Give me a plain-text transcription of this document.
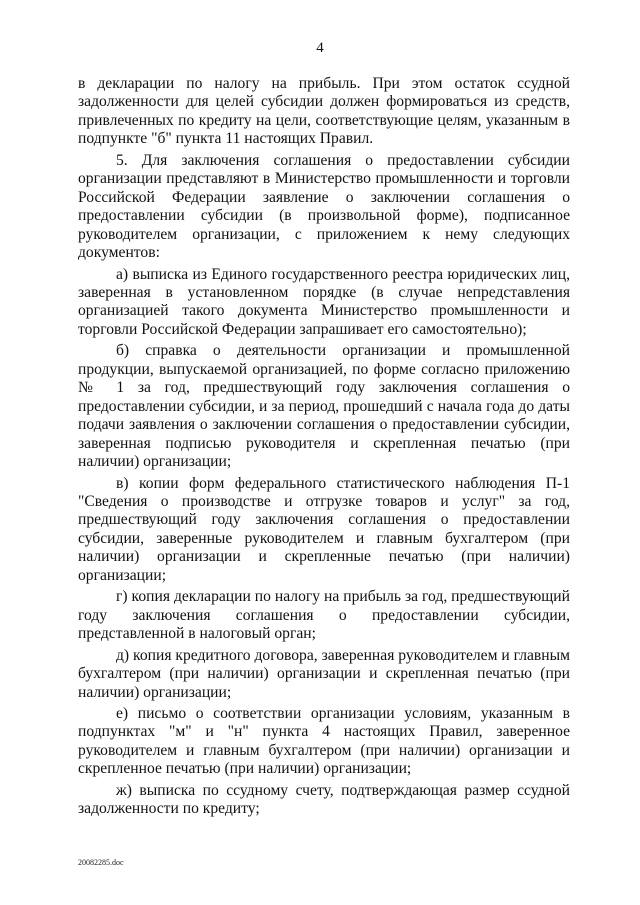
4

в декларации по налогу на прибыль. При этом остаток ссудной задолженности для целей субсидии должен формироваться из средств, привлеченных по кредиту на цели, соответствующие целям, указанным в подпункте "б" пункта 11 настоящих Правил.

5. Для заключения соглашения о предоставлении субсидии организации представляют в Министерство промышленности и торговли Российской Федерации заявление о заключении соглашения о предоставлении субсидии (в произвольной форме), подписанное руководителем организации, с приложением к нему следующих документов:

а) выписка из Единого государственного реестра юридических лиц, заверенная в установленном порядке (в случае непредставления организацией такого документа Министерство промышленности и торговли Российской Федерации запрашивает его самостоятельно);

б) справка о деятельности организации и промышленной продукции, выпускаемой организацией, по форме согласно приложению № 1 за год, предшествующий году заключения соглашения о предоставлении субсидии, и за период, прошедший с начала года до даты подачи заявления о заключении соглашения о предоставлении субсидии, заверенная подписью руководителя и скрепленная печатью (при наличии) организации;

в) копии форм федерального статистического наблюдения П-1 "Сведения о производстве и отгрузке товаров и услуг" за год, предшествующий году заключения соглашения о предоставлении субсидии, заверенные руководителем и главным бухгалтером (при наличии) организации и скрепленные печатью (при наличии) организации;

г) копия декларации по налогу на прибыль за год, предшествующий году заключения соглашения о предоставлении субсидии, представленной в налоговый орган;

д) копия кредитного договора, заверенная руководителем и главным бухгалтером (при наличии) организации и скрепленная печатью (при наличии) организации;

е) письмо о соответствии организации условиям, указанным в подпунктах "м" и "н" пункта 4 настоящих Правил, заверенное руководителем и главным бухгалтером (при наличии) организации и скрепленное печатью (при наличии) организации;

ж) выписка по ссудному счету, подтверждающая размер ссудной задолженности по кредиту;

20082285.doc
